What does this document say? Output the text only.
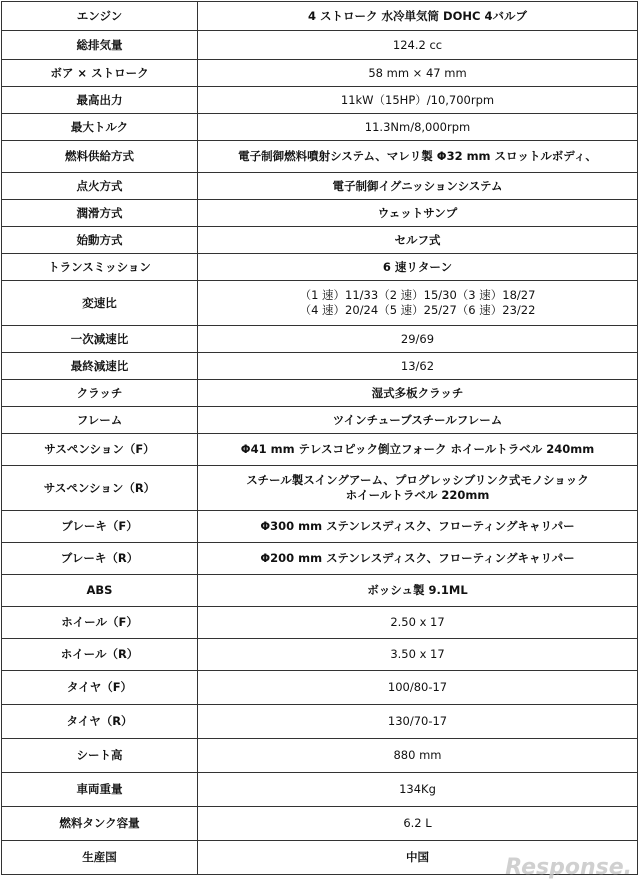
エンジン	4 ストローク 水冷単気筒 DOHC 4バルブ

総排気量	124.2 cc

ボア × ストローク	58 mm × 47 mm

最高出力	11kW（15HP）/10,700rpm

最大トルク	11.3Nm/8,000rpm

燃料供給方式	電子制御燃料噴射システム、マレリ製 Φ32 mm スロットルボディ、

点火方式	電子制御イグニッションシステム

潤滑方式	ウェットサンプ

始動方式	セルフ式

トランスミッション	6 速リターン

変速比	（1 速）11/33（2 速）15/30（3 速）18/27
（4 速）20/24（5 速）25/27（6 速）23/22

一次減速比	29/69

最終減速比	13/62

クラッチ	湿式多板クラッチ

フレーム	ツインチューブスチールフレーム

サスペンション（F）	Φ41 mm テレスコピック倒立フォーク ホイールトラベル 240mm

サスペンション（R）	スチール製スイングアーム、プログレッシブリンク式モノショック
ホイールトラベル 220mm

ブレーキ（F）	Φ300 mm ステンレスディスク、フローティングキャリパー

ブレーキ（R）	Φ200 mm ステンレスディスク、フローティングキャリパー

ABS	ボッシュ製 9.1ML

ホイール（F）	2.50 x 17

ホイール（R）	3.50 x 17

タイヤ（F）	100/80-17

タイヤ（R）	130/70-17

シート高	880 mm

車両重量	134Kg

燃料タンク容量	6.2 L

生産国	中国	Response.
